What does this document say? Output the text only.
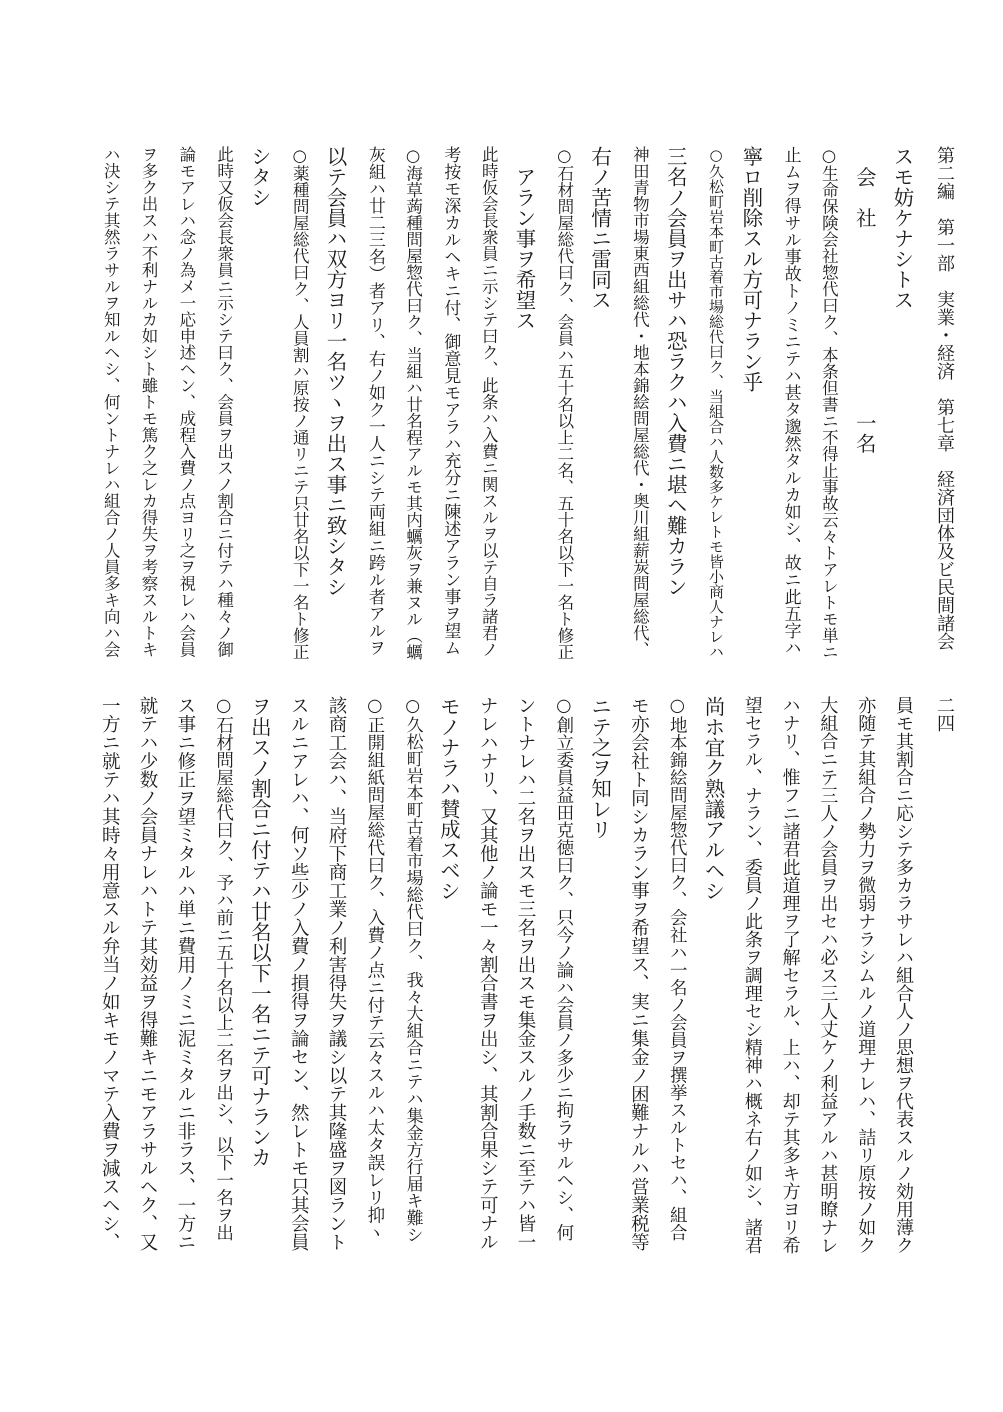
第二編　第一部　実業・経済　第七章　経済団体及ビ民間諸会
二四
スモ妨ケナシトス
　会　社　　　　　　　　　一名
○生命保険会社惣代曰ク、本条但書ニ不得止事故云々トアレトモ単ニ
止ムヲ得サル事故トノミニテハ甚タ邈然タルカ如シ、故ニ此五字ハ
寧ロ削除スル方可ナラン乎
○久松町岩本町古着市場総代曰ク、当組合ハ人数多ケレトモ皆小商人ナレハ
三名ノ会員ヲ出サハ恐ラクハ入費ニ堪ヘ難カラン
神田青物市場東西組総代・地本錦絵問屋総代・奥川組薪炭問屋総代、
右ノ苦情ニ雷同ス
○石材問屋総代曰ク、会員ハ五十名以上二名、五十名以下一名ト修正
　アラン事ヲ希望ス
此時仮会長衆員ニ示シテ曰ク、此条ハ入費ニ関スルヲ以テ自ラ諸君ノ
考按モ深カルヘキニ付、御意見モアラハ充分ニ陳述アラン事ヲ望ム
○海草蒟種問屋惣代曰ク、当組ハ廿名程アルモ其内蠣灰ヲ兼ヌル（蠣
灰組ハ廿二三名）者アリ、右ノ如ク一人ニシテ両組ニ跨ル者アルヲ
以テ会員ハ双方ヨリ一名ツヽヲ出ス事ニ致シタシ
○薬種問屋総代曰ク、人員割ハ原按ノ通リニテ只廿名以下一名ト修正
シタシ
此時又仮会長衆員ニ示シテ曰ク、会員ヲ出スノ割合ニ付テハ種々ノ御
論モアレハ念ノ為メ一応申述ヘン、成程入費ノ点ヨリ之ヲ視レハ会員
ヲ多ク出スハ不利ナルカ如シト雖トモ篤ク之レカ得失ヲ考察スルトキ
ハ決シテ其然ラサルヲ知ルヘシ、何ントナレハ組合ノ人員多キ向ハ会
員モ其割合ニ応シテ多カラサレハ組合人ノ思想ヲ代表スルノ効用薄ク
亦随テ其組合ノ勢力ヲ微弱ナラシムルノ道理ナレハ、詰リ原按ノ如ク
大組合ニテ三人ノ会員ヲ出セハ必ス三人丈ケノ利益アルハ甚明瞭ナレ
ハナリ、惟フニ諸君此道理ヲ了解セラル、上ハ、却テ其多キ方ヨリ希
望セラル、ナラン、委員ノ此条ヲ調理セシ精神ハ概ネ右ノ如シ、諸君
尚ホ宜ク熟議アルヘシ
○地本錦絵問屋惣代曰ク、会社ハ一名ノ会員ヲ撰挙スルトセハ、組合
モ亦会社ト同シカラン事ヲ希望ス、実ニ集金ノ困難ナルハ営業税等
ニテ之ヲ知レリ
○創立委員益田克徳曰ク、只今ノ論ハ会員ノ多少ニ拘ラサルヘシ、何
ントナレハ二名ヲ出スモ三名ヲ出スモ集金スルノ手数ニ至テハ皆一
ナレハナリ、又其他ノ論モ一々割合書ヲ出シ、其割合果シテ可ナル
モノナラハ賛成スベシ
○久松町岩本町古着市場総代曰ク、我々大組合ニテハ集金方行届キ難シ
○正開組紙問屋総代曰ク、入費ノ点ニ付テ云々スルハ太タ誤レリ抑ヽ
該商工会ハ、当府下商工業ノ利害得失ヲ議シ以テ其隆盛ヲ図ラント
スルニアレハ、何ソ些少ノ入費ノ損得ヲ論セン、然レトモ只其会員
ヲ出スノ割合ニ付テハ廿名以下一名ニテ可ナランカ
○石材問屋総代曰ク、予ハ前ニ五十名以上二名ヲ出シ、以下一名ヲ出
ス事ニ修正ヲ望ミタルハ単ニ費用ノミニ泥ミタルニ非ラス、一方ニ
就テハ少数ノ会員ナレハトテ其効益ヲ得難キニモアラサルヘク、又
一方ニ就テハ其時々用意スル弁当ノ如キモノマテ入費ヲ減スヘシ、
